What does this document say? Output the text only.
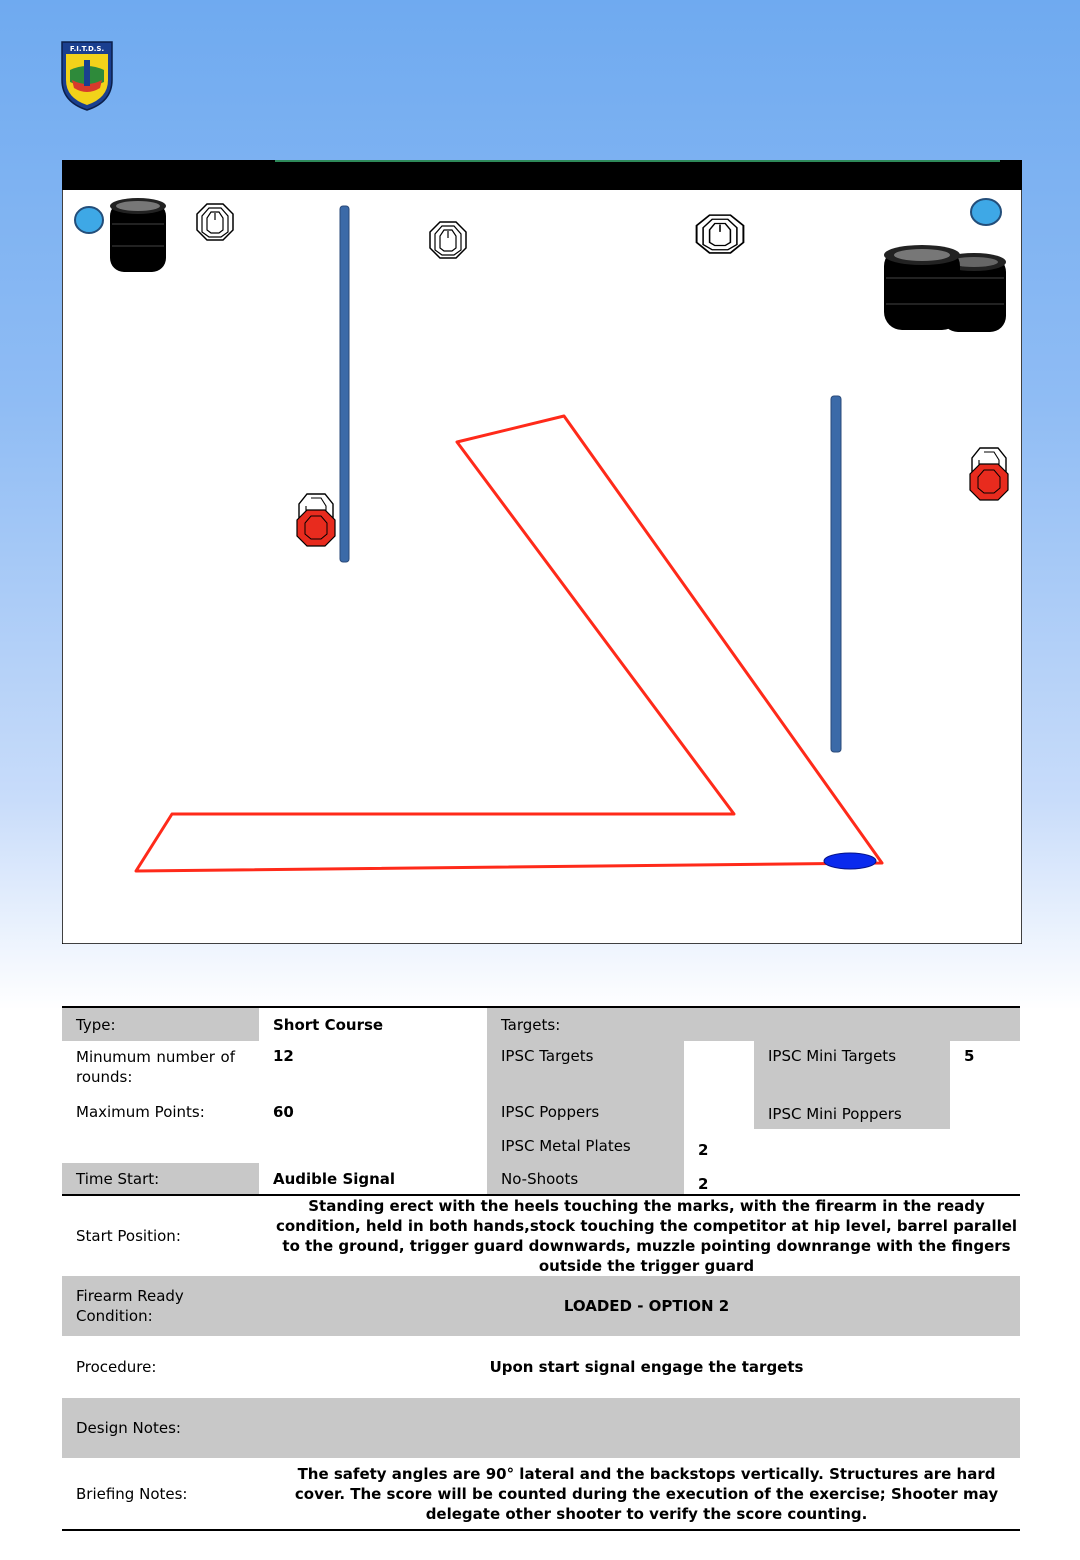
F.I.T.D.S.
Type:	Short Course	Targets:			
Minumum number of rounds:	12	IPSC Targets		IPSC Mini Targets	5
Maximum Points:	60	IPSC Poppers		IPSC Mini Poppers	
		IPSC Metal Plates	2		
Time Start:	Audible Signal	No-Shoots	2		
Start Position:	Standing erect with the heels touching the marks, with the firearm in the ready condition, held in both hands,stock touching the competitor at hip level, barrel parallel to the ground, trigger guard downwards, muzzle pointing downrange with the fingers outside the trigger guard				
Firearm Ready Condition:	LOADED - OPTION 2				
Procedure:	Upon start signal engage the targets				
Design Notes:					
Briefing Notes:	The safety angles are 90° lateral and the backstops vertically. Structures are hard cover. The score will be counted during the execution of the exercise; Shooter may delegate other shooter to verify the score counting.				
